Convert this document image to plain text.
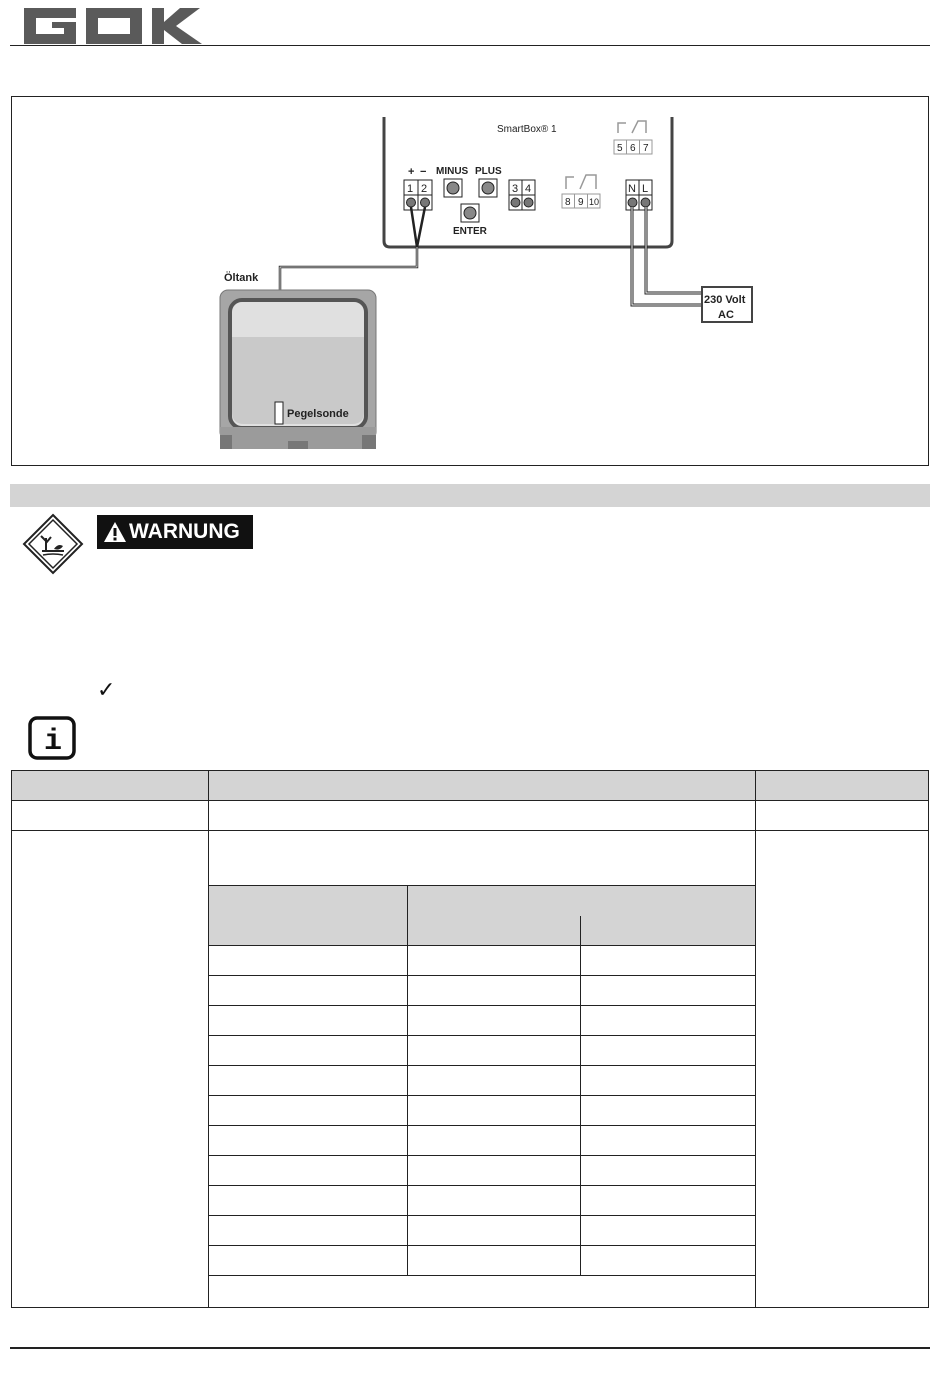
SmartBox® 1
5 6 7
+ −
1 2
MINUS PLUS
ENTER
3 4
8 9 10
N L
230 Volt
AC
Öltank
Pegelsonde
WARNUNG
✓
i
